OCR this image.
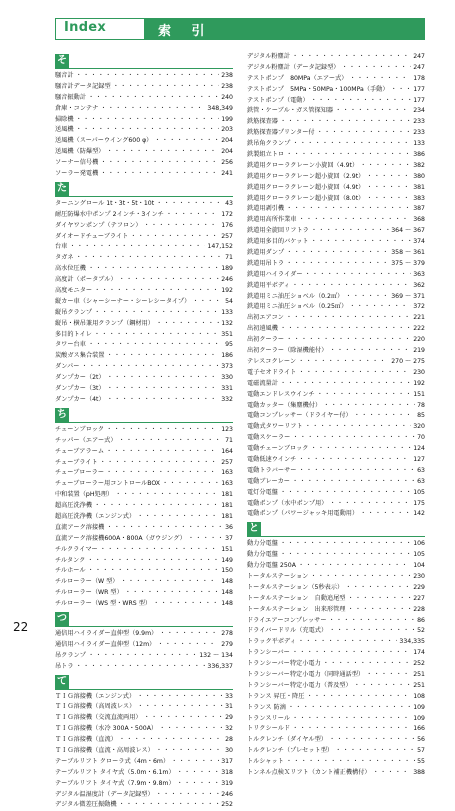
Index	索 引
そ
騒音計 ・・・・・・・・・・・・・・・・・・・・・・・・・・・・・・・・・・・・・・・・・・・・・・・・・・・・・・・・	238
騒音計データ記録型 ・・・・・・・・・・・・・・・・・・・・・・・・・・・・・・・・・・・・・・・・・・・・・・・・・・・・・・・・	238
騒音振動計 ・・・・・・・・・・・・・・・・・・・・・・・・・・・・・・・・・・・・・・・・・・・・・・・・・・・・・・・・	240
倉庫・コンテナ ・・・・・・・・・・・・・・・・・・・・・・・・・・・・・・・・・・・・・・・・・・・・・・・・・・・・・・・・	348,349
掃除機 ・・・・・・・・・・・・・・・・・・・・・・・・・・・・・・・・・・・・・・・・・・・・・・・・・・・・・・・・	199
送風機 ・・・・・・・・・・・・・・・・・・・・・・・・・・・・・・・・・・・・・・・・・・・・・・・・・・・・・・・・	203
送風機（スーパーウイング600 φ） ・・・・・・・・・・・・・・・・・・・・・・・・・・・・・・・・・・・・・・・・・・・・・・・・・・・・・・・・	204
送風機（防爆型） ・・・・・・・・・・・・・・・・・・・・・・・・・・・・・・・・・・・・・・・・・・・・・・・・・・・・・・・・	204
ソーナー信号機 ・・・・・・・・・・・・・・・・・・・・・・・・・・・・・・・・・・・・・・・・・・・・・・・・・・・・・・・・	256
ソーラー発電機 ・・・・・・・・・・・・・・・・・・・・・・・・・・・・・・・・・・・・・・・・・・・・・・・・・・・・・・・・	241
た
ターニングロール 1t・3t・5t・10t ・・・・・・・・・・・・・・・・・・・・・・・・・・・・・・・・・・・・・・・・・・・・・・・・・・・・・・・・	43
耐圧防爆水中ポンプ 2インチ・3インチ ・・・・・・・・・・・・・・・・・・・・・・・・・・・・・・・・・・・・・・・・・・・・・・・・・・・・・・・・	172
ダイヤワンポンプ（テフロン） ・・・・・・・・・・・・・・・・・・・・・・・・・・・・・・・・・・・・・・・・・・・・・・・・・・・・・・・・	176
ダイオードチューブライト ・・・・・・・・・・・・・・・・・・・・・・・・・・・・・・・・・・・・・・・・・・・・・・・・・・・・・・・・	257
台車 ・・・・・・・・・・・・・・・・・・・・・・・・・・・・・・・・・・・・・・・・・・・・・・・・・・・・・・・・	147,152
タガネ ・・・・・・・・・・・・・・・・・・・・・・・・・・・・・・・・・・・・・・・・・・・・・・・・・・・・・・・・	71
高水位圧機 ・・・・・・・・・・・・・・・・・・・・・・・・・・・・・・・・・・・・・・・・・・・・・・・・・・・・・・・・	189
高度計（ポータブル） ・・・・・・・・・・・・・・・・・・・・・・・・・・・・・・・・・・・・・・・・・・・・・・・・・・・・・・・・	246
高度モニター ・・・・・・・・・・・・・・・・・・・・・・・・・・・・・・・・・・・・・・・・・・・・・・・・・・・・・・・・	192
縦カー車（シャーシーナー・シーレシータイプ） ・・・・・・・・・・・・・・・・・・・・・・・・・・・・・・・・・・・・・・・・・・・・・・・・・・・・・・・・	54
縦吊クランプ ・・・・・・・・・・・・・・・・・・・・・・・・・・・・・・・・・・・・・・・・・・・・・・・・・・・・・・・・	133
縦吊・横吊兼用クランプ（鋼材用） ・・・・・・・・・・・・・・・・・・・・・・・・・・・・・・・・・・・・・・・・・・・・・・・・・・・・・・・・	132
多目的トイレ ・・・・・・・・・・・・・・・・・・・・・・・・・・・・・・・・・・・・・・・・・・・・・・・・・・・・・・・・	351
タワー台車 ・・・・・・・・・・・・・・・・・・・・・・・・・・・・・・・・・・・・・・・・・・・・・・・・・・・・・・・・	95
炭酸ガス集合装置 ・・・・・・・・・・・・・・・・・・・・・・・・・・・・・・・・・・・・・・・・・・・・・・・・・・・・・・・・	186
ダンパー ・・・・・・・・・・・・・・・・・・・・・・・・・・・・・・・・・・・・・・・・・・・・・・・・・・・・・・・・	373
ダンプカー（2t） ・・・・・・・・・・・・・・・・・・・・・・・・・・・・・・・・・・・・・・・・・・・・・・・・・・・・・・・・	330
ダンプカー（3t） ・・・・・・・・・・・・・・・・・・・・・・・・・・・・・・・・・・・・・・・・・・・・・・・・・・・・・・・・	331
ダンプカー（4t） ・・・・・・・・・・・・・・・・・・・・・・・・・・・・・・・・・・・・・・・・・・・・・・・・・・・・・・・・	332
ち
チェーンブロック ・・・・・・・・・・・・・・・・・・・・・・・・・・・・・・・・・・・・・・・・・・・・・・・・・・・・・・・・	123
チッパー（エアー式） ・・・・・・・・・・・・・・・・・・・・・・・・・・・・・・・・・・・・・・・・・・・・・・・・・・・・・・・・	71
チューブアラーム ・・・・・・・・・・・・・・・・・・・・・・・・・・・・・・・・・・・・・・・・・・・・・・・・・・・・・・・・	164
チューブライト ・・・・・・・・・・・・・・・・・・・・・・・・・・・・・・・・・・・・・・・・・・・・・・・・・・・・・・・・	257
チューブローラー ・・・・・・・・・・・・・・・・・・・・・・・・・・・・・・・・・・・・・・・・・・・・・・・・・・・・・・・・	163
チューブローラー用コントロールBOX ・・・・・・・・・・・・・・・・・・・・・・・・・・・・・・・・・・・・・・・・・・・・・・・・・・・・・・・・	163
中和装置（pH処理） ・・・・・・・・・・・・・・・・・・・・・・・・・・・・・・・・・・・・・・・・・・・・・・・・・・・・・・・・	181
超高圧洗浄機 ・・・・・・・・・・・・・・・・・・・・・・・・・・・・・・・・・・・・・・・・・・・・・・・・・・・・・・・・	181
超高圧洗浄機（エンジン式） ・・・・・・・・・・・・・・・・・・・・・・・・・・・・・・・・・・・・・・・・・・・・・・・・・・・・・・・・	181
直流アーク溶接機 ・・・・・・・・・・・・・・・・・・・・・・・・・・・・・・・・・・・・・・・・・・・・・・・・・・・・・・・・	36
直流アーク溶接機600A・800A（ガウジング） ・・・・・・・・・・・・・・・・・・・・・・・・・・・・・・・・・・・・・・・・・・・・・・・・・・・・・・・・	37
チルクライマー ・・・・・・・・・・・・・・・・・・・・・・・・・・・・・・・・・・・・・・・・・・・・・・・・・・・・・・・・	151
チルタンク ・・・・・・・・・・・・・・・・・・・・・・・・・・・・・・・・・・・・・・・・・・・・・・・・・・・・・・・・	149
チルホール ・・・・・・・・・・・・・・・・・・・・・・・・・・・・・・・・・・・・・・・・・・・・・・・・・・・・・・・・	150
チルローラー（W 型） ・・・・・・・・・・・・・・・・・・・・・・・・・・・・・・・・・・・・・・・・・・・・・・・・・・・・・・・・	148
チルローラー（WR 型） ・・・・・・・・・・・・・・・・・・・・・・・・・・・・・・・・・・・・・・・・・・・・・・・・・・・・・・・・	148
チルローラー（WS 型・WRS 型） ・・・・・・・・・・・・・・・・・・・・・・・・・・・・・・・・・・・・・・・・・・・・・・・・・・・・・・・・	148
つ
通信用ハイライダー直伸型（9.9m） ・・・・・・・・・・・・・・・・・・・・・・・・・・・・・・・・・・・・・・・・・・・・・・・・・・・・・・・・	278
通信用ハイライダー直伸型（12m） ・・・・・・・・・・・・・・・・・・・・・・・・・・・・・・・・・・・・・・・・・・・・・・・・・・・・・・・・	279
吊クランプ ・・・・・・・・・・・・・・・・・・・・・・・・・・・・・・・・・・・・・・・・・・・・・・・・・・・・・・・・	132 ～ 134
吊トラ ・・・・・・・・・・・・・・・・・・・・・・・・・・・・・・・・・・・・・・・・・・・・・・・・・・・・・・・・	336,337
て
ＴＩＧ溶接機（エンジン式） ・・・・・・・・・・・・・・・・・・・・・・・・・・・・・・・・・・・・・・・・・・・・・・・・・・・・・・・・	33
ＴＩＧ溶接機（高周波レス） ・・・・・・・・・・・・・・・・・・・・・・・・・・・・・・・・・・・・・・・・・・・・・・・・・・・・・・・・	31
ＴＩＧ溶接機（交流直流両用） ・・・・・・・・・・・・・・・・・・・・・・・・・・・・・・・・・・・・・・・・・・・・・・・・・・・・・・・・	29
ＴＩＧ溶接機（水冷 300A・500A） ・・・・・・・・・・・・・・・・・・・・・・・・・・・・・・・・・・・・・・・・・・・・・・・・・・・・・・・・	32
ＴＩＧ溶接機（直流） ・・・・・・・・・・・・・・・・・・・・・・・・・・・・・・・・・・・・・・・・・・・・・・・・・・・・・・・・	28
ＴＩＧ溶接機（直流・高周波レス） ・・・・・・・・・・・・・・・・・・・・・・・・・・・・・・・・・・・・・・・・・・・・・・・・・・・・・・・・	30
テーブルリフト クローラ式（4m・6m） ・・・・・・・・・・・・・・・・・・・・・・・・・・・・・・・・・・・・・・・・・・・・・・・・・・・・・・・・	317
テーブルリフト タイヤ式（5.0m・6.1m） ・・・・・・・・・・・・・・・・・・・・・・・・・・・・・・・・・・・・・・・・・・・・・・・・・・・・・・・・	318
テーブルリフト タイヤ式（7.9m・9.8m） ・・・・・・・・・・・・・・・・・・・・・・・・・・・・・・・・・・・・・・・・・・・・・・・・・・・・・・・・	319
デジタル温湿度計（データ記録型） ・・・・・・・・・・・・・・・・・・・・・・・・・・・・・・・・・・・・・・・・・・・・・・・・・・・・・・・・	246
デジタル微差圧振動機 ・・・・・・・・・・・・・・・・・・・・・・・・・・・・・・・・・・・・・・・・・・・・・・・・・・・・・・・・	252
デジタル粉塵計 ・・・・・・・・・・・・・・・・・・・・・・・・・・・・・・・・・・・・・・・・・・・・・・・・・・・・・・・・	247
デジタル粉塵計（データ記録型） ・・・・・・・・・・・・・・・・・・・・・・・・・・・・・・・・・・・・・・・・・・・・・・・・・・・・・・・・	247
テストポンプ　80MPa（エアー式） ・・・・・・・・・・・・・・・・・・・・・・・・・・・・・・・・・・・・・・・・・・・・・・・・・・・・・・・・	178
テストポンプ　5MPa・50MPa・100MPa（手動） ・・・・・・・・・・・・・・・・・・・・・・・・・・・・・・・・・・・・・・・・・・・・・・・・・・・・・・・・	177
テストポンプ（電動） ・・・・・・・・・・・・・・・・・・・・・・・・・・・・・・・・・・・・・・・・・・・・・・・・・・・・・・・・	177
鉄管・ケーブル・ガス管探知器 ・・・・・・・・・・・・・・・・・・・・・・・・・・・・・・・・・・・・・・・・・・・・・・・・・・・・・・・・	234
鉄筋探査器 ・・・・・・・・・・・・・・・・・・・・・・・・・・・・・・・・・・・・・・・・・・・・・・・・・・・・・・・・	233
鉄筋探査器プリンター付 ・・・・・・・・・・・・・・・・・・・・・・・・・・・・・・・・・・・・・・・・・・・・・・・・・・・・・・・・	233
鉄吊角クランプ ・・・・・・・・・・・・・・・・・・・・・・・・・・・・・・・・・・・・・・・・・・・・・・・・・・・・・・・・	133
鉄製組立トロ ・・・・・・・・・・・・・・・・・・・・・・・・・・・・・・・・・・・・・・・・・・・・・・・・・・・・・・・・	386
鉄道用クローラクレーン小旋回（4.9t） ・・・・・・・・・・・・・・・・・・・・・・・・・・・・・・・・・・・・・・・・・・・・・・・・・・・・・・・・	382
鉄道用クローラクレーン超小旋回（2.9t） ・・・・・・・・・・・・・・・・・・・・・・・・・・・・・・・・・・・・・・・・・・・・・・・・・・・・・・・・	380
鉄道用クローラクレーン超小旋回（4.9t） ・・・・・・・・・・・・・・・・・・・・・・・・・・・・・・・・・・・・・・・・・・・・・・・・・・・・・・・・	381
鉄道用クローラクレーン超小旋回（8.0t） ・・・・・・・・・・・・・・・・・・・・・・・・・・・・・・・・・・・・・・・・・・・・・・・・・・・・・・・・	383
鉄道用剥引機 ・・・・・・・・・・・・・・・・・・・・・・・・・・・・・・・・・・・・・・・・・・・・・・・・・・・・・・・・	387
鉄道用高所作業車 ・・・・・・・・・・・・・・・・・・・・・・・・・・・・・・・・・・・・・・・・・・・・・・・・・・・・・・・・	368
鉄道用全旋回リフトラ ・・・・・・・・・・・・・・・・・・・・・・・・・・・・・・・・・・・・・・・・・・・・・・・・・・・・・・・・	364 ～ 367
鉄道用多目的バケット ・・・・・・・・・・・・・・・・・・・・・・・・・・・・・・・・・・・・・・・・・・・・・・・・・・・・・・・・	374
鉄道用ダンプ ・・・・・・・・・・・・・・・・・・・・・・・・・・・・・・・・・・・・・・・・・・・・・・・・・・・・・・・・	358 ～ 361
鉄道用吊トラ ・・・・・・・・・・・・・・・・・・・・・・・・・・・・・・・・・・・・・・・・・・・・・・・・・・・・・・・・	375 ～ 379
鉄道用ハイライダー ・・・・・・・・・・・・・・・・・・・・・・・・・・・・・・・・・・・・・・・・・・・・・・・・・・・・・・・・	363
鉄道用平ボディ ・・・・・・・・・・・・・・・・・・・・・・・・・・・・・・・・・・・・・・・・・・・・・・・・・・・・・・・・	362
鉄道用ミニ油圧ショベル（0.2㎥） ・・・・・・・・・・・・・・・・・・・・・・・・・・・・・・・・・・・・・・・・・・・・・・・・・・・・・・・・	369 ～ 371
鉄道用ミニ油圧ショベル（0.25㎥） ・・・・・・・・・・・・・・・・・・・・・・・・・・・・・・・・・・・・・・・・・・・・・・・・・・・・・・・・	372
出初エアコン ・・・・・・・・・・・・・・・・・・・・・・・・・・・・・・・・・・・・・・・・・・・・・・・・・・・・・・・・	221
出初遠風機 ・・・・・・・・・・・・・・・・・・・・・・・・・・・・・・・・・・・・・・・・・・・・・・・・・・・・・・・・	222
出初クーラー ・・・・・・・・・・・・・・・・・・・・・・・・・・・・・・・・・・・・・・・・・・・・・・・・・・・・・・・・	220
出初クーラー（除湿機能付） ・・・・・・・・・・・・・・・・・・・・・・・・・・・・・・・・・・・・・・・・・・・・・・・・・・・・・・・・	219
テレスコクレーン ・・・・・・・・・・・・・・・・・・・・・・・・・・・・・・・・・・・・・・・・・・・・・・・・・・・・・・・・	270 ～ 275
電子セオドライト ・・・・・・・・・・・・・・・・・・・・・・・・・・・・・・・・・・・・・・・・・・・・・・・・・・・・・・・・	230
電磁流量計 ・・・・・・・・・・・・・・・・・・・・・・・・・・・・・・・・・・・・・・・・・・・・・・・・・・・・・・・・	192
電動エンドレスウインチ ・・・・・・・・・・・・・・・・・・・・・・・・・・・・・・・・・・・・・・・・・・・・・・・・・・・・・・・・	151
電動カッター（集塵機付） ・・・・・・・・・・・・・・・・・・・・・・・・・・・・・・・・・・・・・・・・・・・・・・・・・・・・・・・・	78
電動コンプレッサー（ドライヤー付） ・・・・・・・・・・・・・・・・・・・・・・・・・・・・・・・・・・・・・・・・・・・・・・・・・・・・・・・・	85
電動式タワーリフト ・・・・・・・・・・・・・・・・・・・・・・・・・・・・・・・・・・・・・・・・・・・・・・・・・・・・・・・・	320
電動スケーラー ・・・・・・・・・・・・・・・・・・・・・・・・・・・・・・・・・・・・・・・・・・・・・・・・・・・・・・・・	70
電動チェーンブロック ・・・・・・・・・・・・・・・・・・・・・・・・・・・・・・・・・・・・・・・・・・・・・・・・・・・・・・・・	124
電動低速ウインチ ・・・・・・・・・・・・・・・・・・・・・・・・・・・・・・・・・・・・・・・・・・・・・・・・・・・・・・・・	127
電動トラバーサー ・・・・・・・・・・・・・・・・・・・・・・・・・・・・・・・・・・・・・・・・・・・・・・・・・・・・・・・・	63
電動ブレーカー ・・・・・・・・・・・・・・・・・・・・・・・・・・・・・・・・・・・・・・・・・・・・・・・・・・・・・・・・	63
電灯分電盤 ・・・・・・・・・・・・・・・・・・・・・・・・・・・・・・・・・・・・・・・・・・・・・・・・・・・・・・・・	105
電動ポンプ（水中ポンプ用） ・・・・・・・・・・・・・・・・・・・・・・・・・・・・・・・・・・・・・・・・・・・・・・・・・・・・・・・・	175
電動ポンプ（パワージャッキ用電動用） ・・・・・・・・・・・・・・・・・・・・・・・・・・・・・・・・・・・・・・・・・・・・・・・・・・・・・・・・	142
と
動力分電盤 ・・・・・・・・・・・・・・・・・・・・・・・・・・・・・・・・・・・・・・・・・・・・・・・・・・・・・・・・	106
動力分電盤 ・・・・・・・・・・・・・・・・・・・・・・・・・・・・・・・・・・・・・・・・・・・・・・・・・・・・・・・・	105
動力分電盤 250A ・・・・・・・・・・・・・・・・・・・・・・・・・・・・・・・・・・・・・・・・・・・・・・・・・・・・・・・・	104
トータルステーション ・・・・・・・・・・・・・・・・・・・・・・・・・・・・・・・・・・・・・・・・・・・・・・・・・・・・・・・・	230
トータルステーション（5秒表示） ・・・・・・・・・・・・・・・・・・・・・・・・・・・・・・・・・・・・・・・・・・・・・・・・・・・・・・・・	229
トータルステーション　自動追尾型 ・・・・・・・・・・・・・・・・・・・・・・・・・・・・・・・・・・・・・・・・・・・・・・・・・・・・・・・・	227
トータルステーション　出来形管理 ・・・・・・・・・・・・・・・・・・・・・・・・・・・・・・・・・・・・・・・・・・・・・・・・・・・・・・・・	228
ドライエアーコンプレッサー ・・・・・・・・・・・・・・・・・・・・・・・・・・・・・・・・・・・・・・・・・・・・・・・・・・・・・・・・	86
ドライバードリル（充電式） ・・・・・・・・・・・・・・・・・・・・・・・・・・・・・・・・・・・・・・・・・・・・・・・・・・・・・・・・	52
トラック平ボディ ・・・・・・・・・・・・・・・・・・・・・・・・・・・・・・・・・・・・・・・・・・・・・・・・・・・・・・・・	334,335
トランシーバー ・・・・・・・・・・・・・・・・・・・・・・・・・・・・・・・・・・・・・・・・・・・・・・・・・・・・・・・・	174
トランシーバー特定小電力 ・・・・・・・・・・・・・・・・・・・・・・・・・・・・・・・・・・・・・・・・・・・・・・・・・・・・・・・・	252
トランシーバー特定小電力（同時通話型） ・・・・・・・・・・・・・・・・・・・・・・・・・・・・・・・・・・・・・・・・・・・・・・・・・・・・・・・・	251
トランシーバー特定小電力（普及型） ・・・・・・・・・・・・・・・・・・・・・・・・・・・・・・・・・・・・・・・・・・・・・・・・・・・・・・・・	251
トランス 昇圧・降圧 ・・・・・・・・・・・・・・・・・・・・・・・・・・・・・・・・・・・・・・・・・・・・・・・・・・・・・・・・	108
トランス 防滴 ・・・・・・・・・・・・・・・・・・・・・・・・・・・・・・・・・・・・・・・・・・・・・・・・・・・・・・・・	109
トランスリール ・・・・・・・・・・・・・・・・・・・・・・・・・・・・・・・・・・・・・・・・・・・・・・・・・・・・・・・・	109
トリクシールド ・・・・・・・・・・・・・・・・・・・・・・・・・・・・・・・・・・・・・・・・・・・・・・・・・・・・・・・・	166
トルクレンチ（ダイヤル型） ・・・・・・・・・・・・・・・・・・・・・・・・・・・・・・・・・・・・・・・・・・・・・・・・・・・・・・・・	56
トルクレンチ（プレセット型） ・・・・・・・・・・・・・・・・・・・・・・・・・・・・・・・・・・・・・・・・・・・・・・・・・・・・・・・・	57
トルシャット ・・・・・・・・・・・・・・・・・・・・・・・・・・・・・・・・・・・・・・・・・・・・・・・・・・・・・・・・	55
トンネル点検Ｘリフト（カント補正機構付） ・・・・・・・・・・・・・・・・・・・・・・・・・・・・・・・・・・・・・・・・・・・・・・・・・・・・・・・・	388
22
